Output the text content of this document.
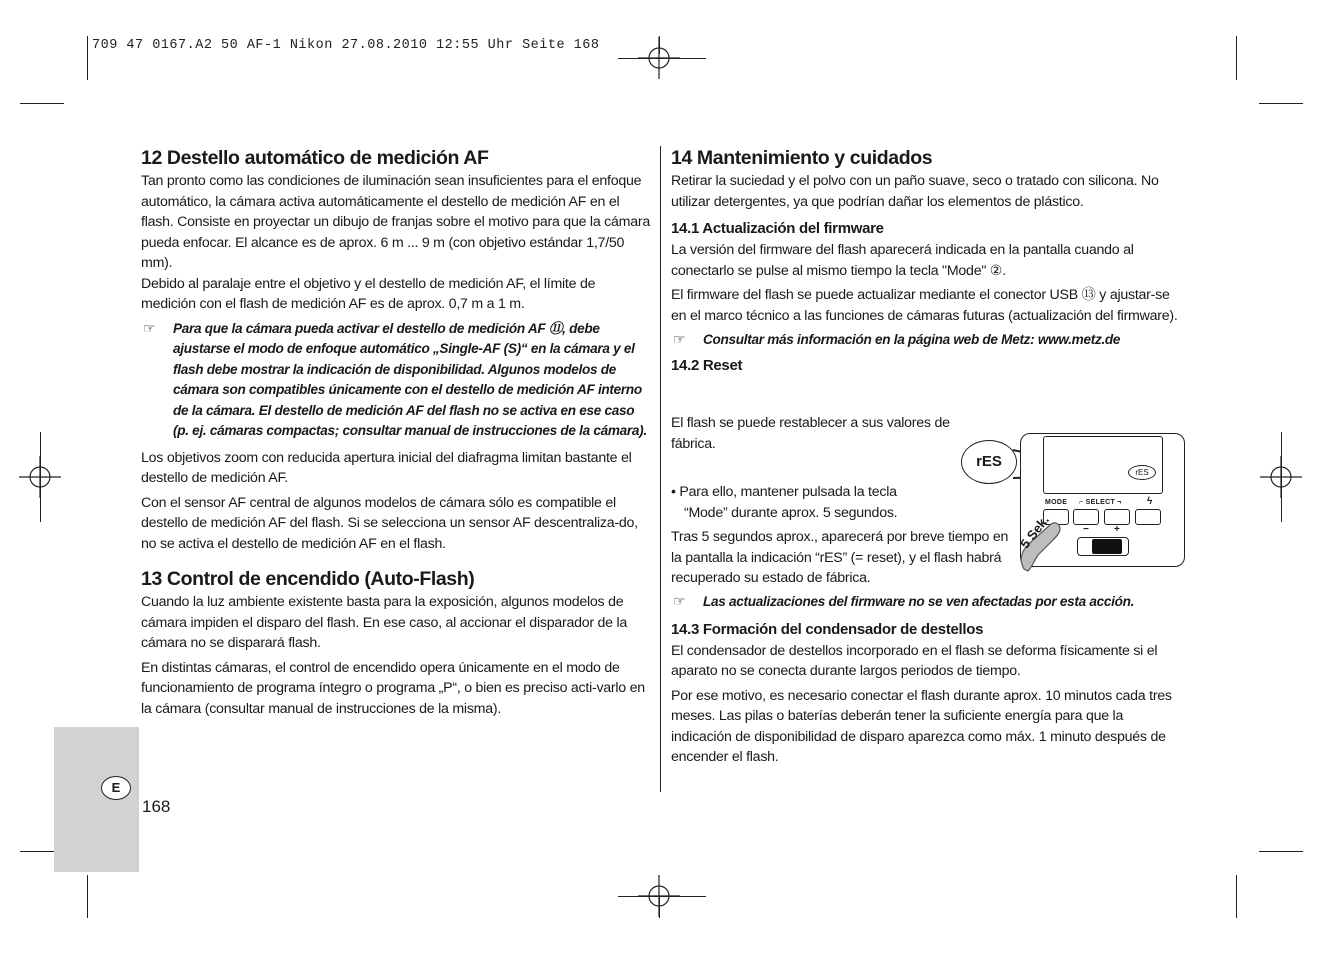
709 47 0167.A2 50 AF-1 Nikon 27.08.2010 12:55 Uhr Seite 168
E
168
12 Destello automático de medición AF

Tan pronto como las condiciones de iluminación sean insuficientes para el enfoque automático, la cámara activa automáticamente el destello de medición AF en el flash. Consiste en proyectar un dibujo de franjas sobre el motivo para que la cámara pueda enfocar. El alcance es de aprox. 6 m ... 9 m (con objetivo estándar 1,7/50 mm).

Debido al paralaje entre el objetivo y el destello de medición AF, el límite de medición con el flash de medición AF es de aprox. 0,7 m a 1 m.

☞ Para que la cámara pueda activar el destello de medición AF ⑪, debe ajustarse el modo de enfoque automático „Single-AF (S)“ en la cámara y el flash debe mostrar la indicación de disponibilidad. Algunos modelos de cámara son compatibles únicamente con el destello de medición AF interno de la cámara. El destello de medición AF del flash no se activa en ese caso (p. ej. cámaras compactas; consultar manual de instrucciones de la cámara).

Los objetivos zoom con reducida apertura inicial del diafragma limitan bastante el destello de medición AF.

Con el sensor AF central de algunos modelos de cámara sólo es compatible el destello de medición AF del flash. Si se selecciona un sensor AF descentraliza-do, no se activa el destello de medición AF en el flash.

13 Control de encendido (Auto-Flash)

Cuando la luz ambiente existente basta para la exposición, algunos modelos de cámara impiden el disparo del flash. En ese caso, al accionar el disparador de la cámara no se disparará flash.

En distintas cámaras, el control de encendido opera únicamente en el modo de funcionamiento de programa íntegro o programa „P“, o bien es preciso acti-varlo en la cámara (consultar manual de instrucciones de la misma).

14 Mantenimiento y cuidados

Retirar la suciedad y el polvo con un paño suave, seco o tratado con silicona. No utilizar detergentes, ya que podrían dañar los elementos de plástico.

14.1 Actualización del firmware

La versión del firmware del flash aparecerá indicada en la pantalla cuando al conectarlo se pulse al mismo tiempo la tecla "Mode" ②.

El firmware del flash se puede actualizar mediante el conector USB ⑬ y ajustar-se en el marco técnico a las funciones de cámaras futuras (actualización del firmware).

☞ Consultar más información en la página web de Metz: www.metz.de
14.2 Reset

El flash se puede restablecer a sus valores de fábrica.

• Para ello, mantener pulsada la tecla “Mode” durante aprox. 5 segundos.

Tras 5 segundos aprox., aparecerá por breve tiempo en la pantalla la indicación “rES” (= reset), y el flash habrá recuperado su estado de fábrica.

☞ Las actualizaciones del firmware no se ven afectadas por esta acción.
14.3 Formación del condensador de destellos

El condensador de destellos incorporado en el flash se deforma físicamente si el aparato no se conecta durante largos periodos de tiempo.

Por ese motivo, es necesario conectar el flash durante aprox. 10 minutos cada tres meses. Las pilas o baterías deberán tener la suficiente energía para que la indicación de disponibilidad de disparo aparezca como máx. 1 minuto después de encender el flash.

rES
MODE ⌐ SELECT ¬	ϟ
−	+
rES
5 Sek.
